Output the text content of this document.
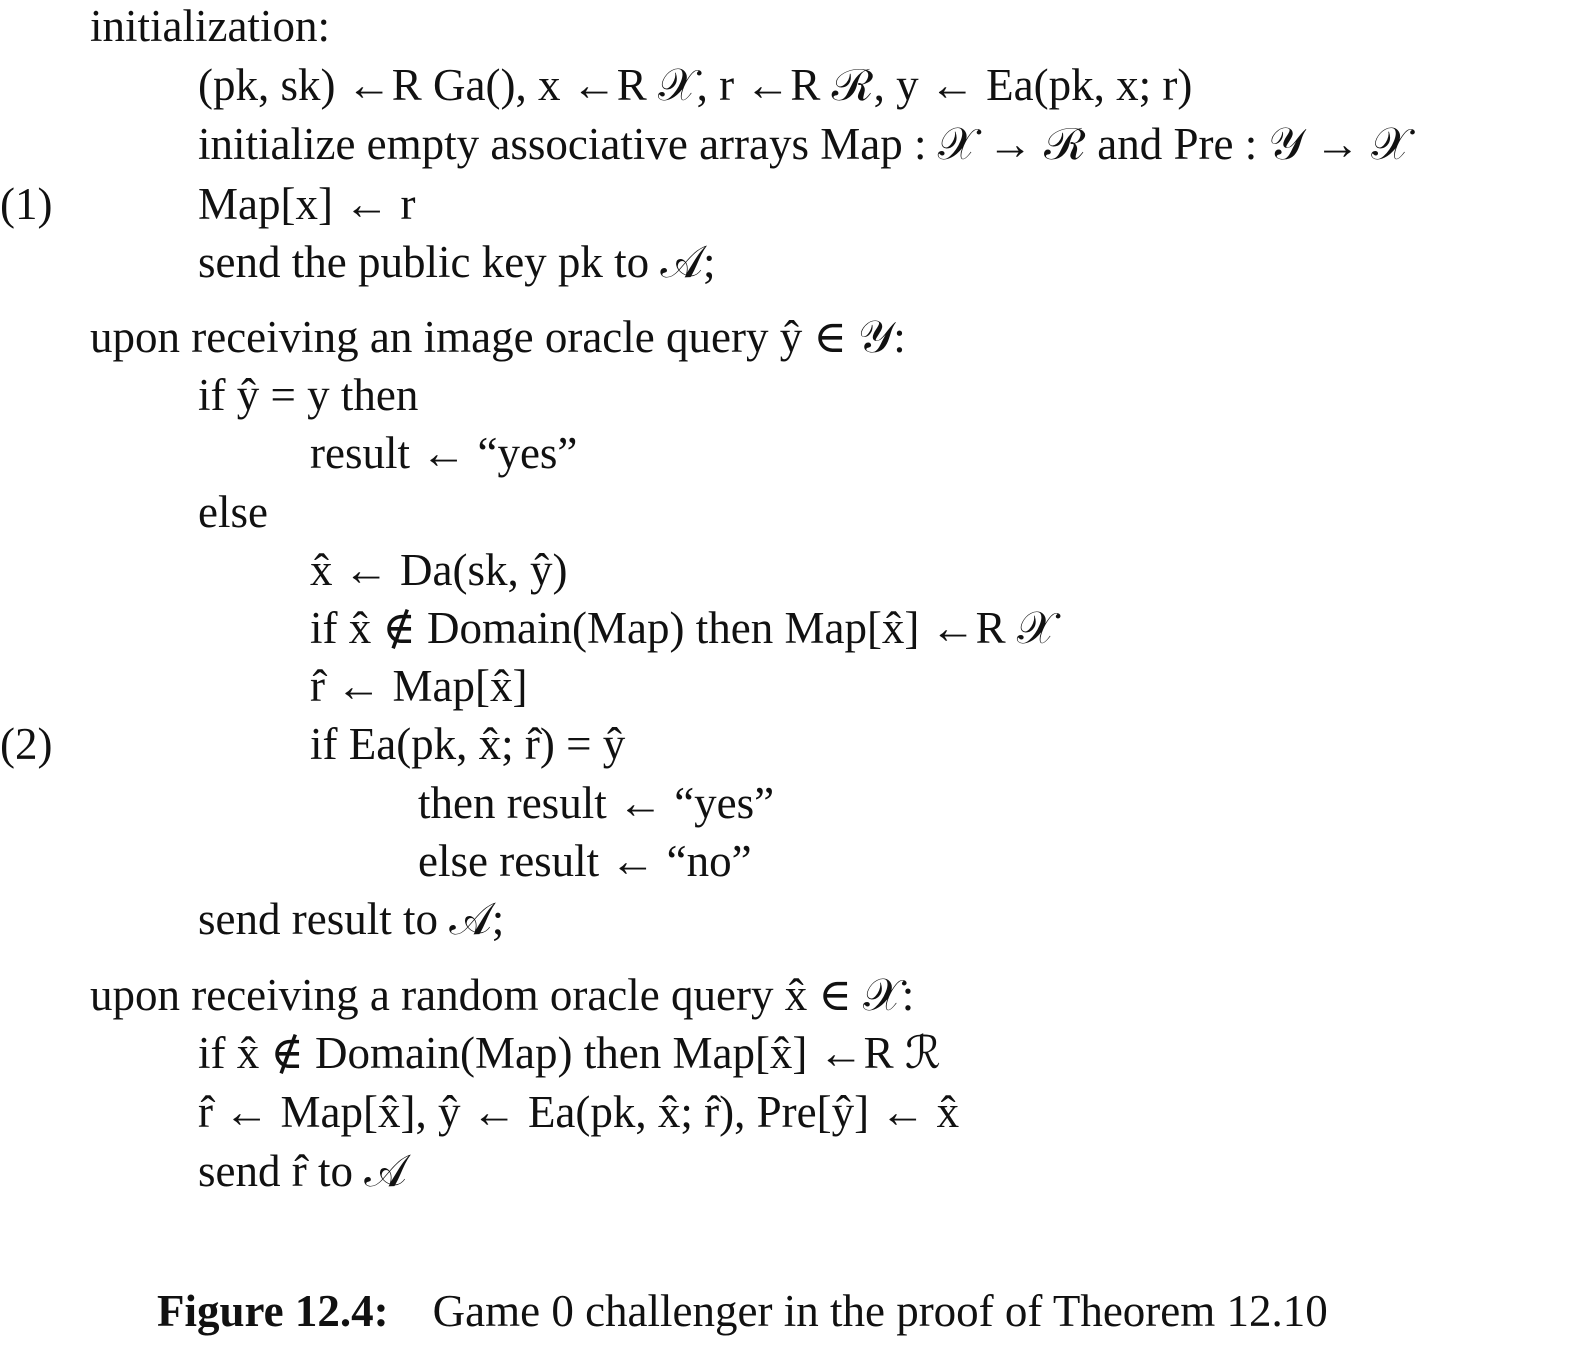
(1)
(2)
initialization:
(pk, sk) ←R Ga(), x ←R 𝒳, r ←R ℛ, y ← Ea(pk, x; r)
initialize empty associative arrays Map : 𝒳 → ℛ and Pre : 𝒴 → 𝒳
Map[x] ← r
send the public key pk to 𝒜;
upon receiving an image oracle query ŷ ∈ 𝒴:
if ŷ = y then
result ← “yes”
else
x̂ ← Da(sk, ŷ)
if x̂ ∉ Domain(Map) then Map[x̂] ←R 𝒳
r̂ ← Map[x̂]
if Ea(pk, x̂; r̂) = ŷ
then result ← “yes”
else result ← “no”
send result to 𝒜;
upon receiving a random oracle query x̂ ∈ 𝒳:
if x̂ ∉ Domain(Map) then Map[x̂] ←R ℛ
r̂ ← Map[x̂], ŷ ← Ea(pk, x̂; r̂), Pre[ŷ] ← x̂
send r̂ to 𝒜
Figure 12.4: Game 0 challenger in the proof of Theorem 12.10
